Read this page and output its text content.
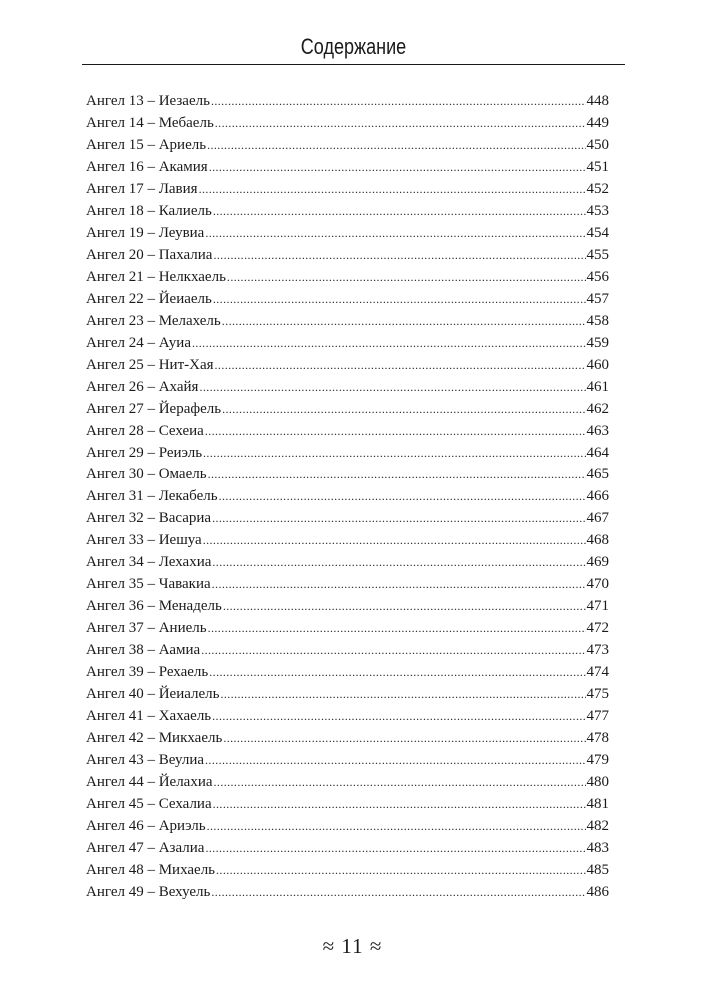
Содержание
Ангел 13 – Иезаель .....	448
Ангел 14 – Мебаель .....	449
Ангел 15 – Ариель .....	450
Ангел 16 – Акамия .....	451
Ангел 17 – Лавия .....	452
Ангел 18 – Калиель .....	453
Ангел 19 – Леувиа .....	454
Ангел 20 – Пахалиа .....	455
Ангел 21 – Нелкхаель .....	456
Ангел 22 – Йеиаель .....	457
Ангел 23 – Мелахель .....	458
Ангел 24 – Ауиа .....	459
Ангел 25 – Нит-Хая .....	460
Ангел 26 – Ахайя .....	461
Ангел 27 – Йерафель .....	462
Ангел 28 – Сехеиа .....	463
Ангел 29 – Реиэль .....	464
Ангел 30 – Омаель .....	465
Ангел 31 – Лекабель .....	466
Ангел 32 – Васариа .....	467
Ангел 33 – Иешуа .....	468
Ангел 34 – Лехахиа .....	469
Ангел 35 – Чавакиа .....	470
Ангел 36 – Менадель .....	471
Ангел 37 – Аниель .....	472
Ангел 38 – Аамиа .....	473
Ангел 39 – Рехаель .....	474
Ангел 40 – Йеиалель .....	475
Ангел 41 – Хахаель .....	477
Ангел 42 – Микхаель .....	478
Ангел 43 – Веулиа .....	479
Ангел 44 – Йелахиа .....	480
Ангел 45 – Сехалиа .....	481
Ангел 46 – Ариэль .....	482
Ангел 47 – Азалиа .....	483
Ангел 48 – Михаель .....	485
Ангел 49 – Вехуель .....	486
≈ 11 ≈
